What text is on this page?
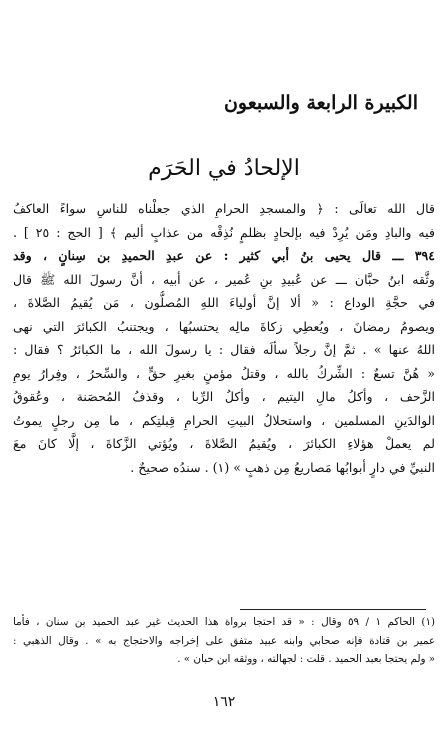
الكبيرة الرابعة والسبعون
الإلحادُ في الحَرَم
قال الله تعالَى : ﴿ والمسجدِ الحرامِ الذي جعلْناه للناسِ سواءً العاكفُ
فيه والبادِ ومَن يُرِدْ فيه بإلحادٍ بظلمٍ نُذِقْه من عذابٍ أليم ﴾ [ الحج : ٢٥ ] .
٣٩٤ ـــ قال يحيى بنُ أبي كثير : عن عبدِ الحميدِ بن سِنانٍ ، وقد
وثَّقه ابنُ حبَّان ـــ عن عُبيدِ بنِ عُمير ، عن أبيه ، أنَّ رسولَ الله ﷺ قال
في حجَّةِ الوداع : « ألا إنَّ أولياءَ اللهِ المُصلُّون ، مَن يُقيمُ الصَّلاةَ ،
ويصومُ رمضانَ ، ويُعطِي زكاةَ مالِه يحتسبُها ، ويجتنبُ الكبائرَ التي نهى
اللهُ عنها » . ثمَّ إنَّ رجلاً سألَه فقال : يا رسولَ الله ، ما الكبائرُ ؟ فقال :
« هُنَّ تسعٌ : الشِّركُ بالله ، وقتلُ مؤمنٍ بغيرِ حقٍّ ، والسِّحرُ ، وفِرارُ يومِ
الزَّحف ، وأكلُ مالِ اليتيم ، وأكلُ الرِّبا ، وقذفُ المُحصَنة ، وعُقوقُ
الوالدَينِ المسلمين ، واستحلالُ البيتِ الحرامِ قِبلتِكم ، ما مِن رجلٍ يموتُ
لم يعملْ هؤلاءِ الكبائرَ ، ويُقيمُ الصَّلاةَ ، ويُؤتي الزَّكاةَ ، إلَّا كانَ معَ
النبيِّ في دارٍ أبوابُها مَصاريعُ مِن ذهبٍ » (١) . سندُه صحيحٌ .
(١) الحاكم ١ / ٥٩ وقال : « قد احتجا برواة هذا الحديث غير عبد الحميد بن سنان ، فأما
عمير بن قتادة فإنه صحابي وابنه عبيد متفق على إخراجه والاحتجاج به » . وقال الذهبي :
« ولم يحتجا بعبد الحميد . قلت : لجهالته ، ووثقه ابن حبان » .
١٦٢
